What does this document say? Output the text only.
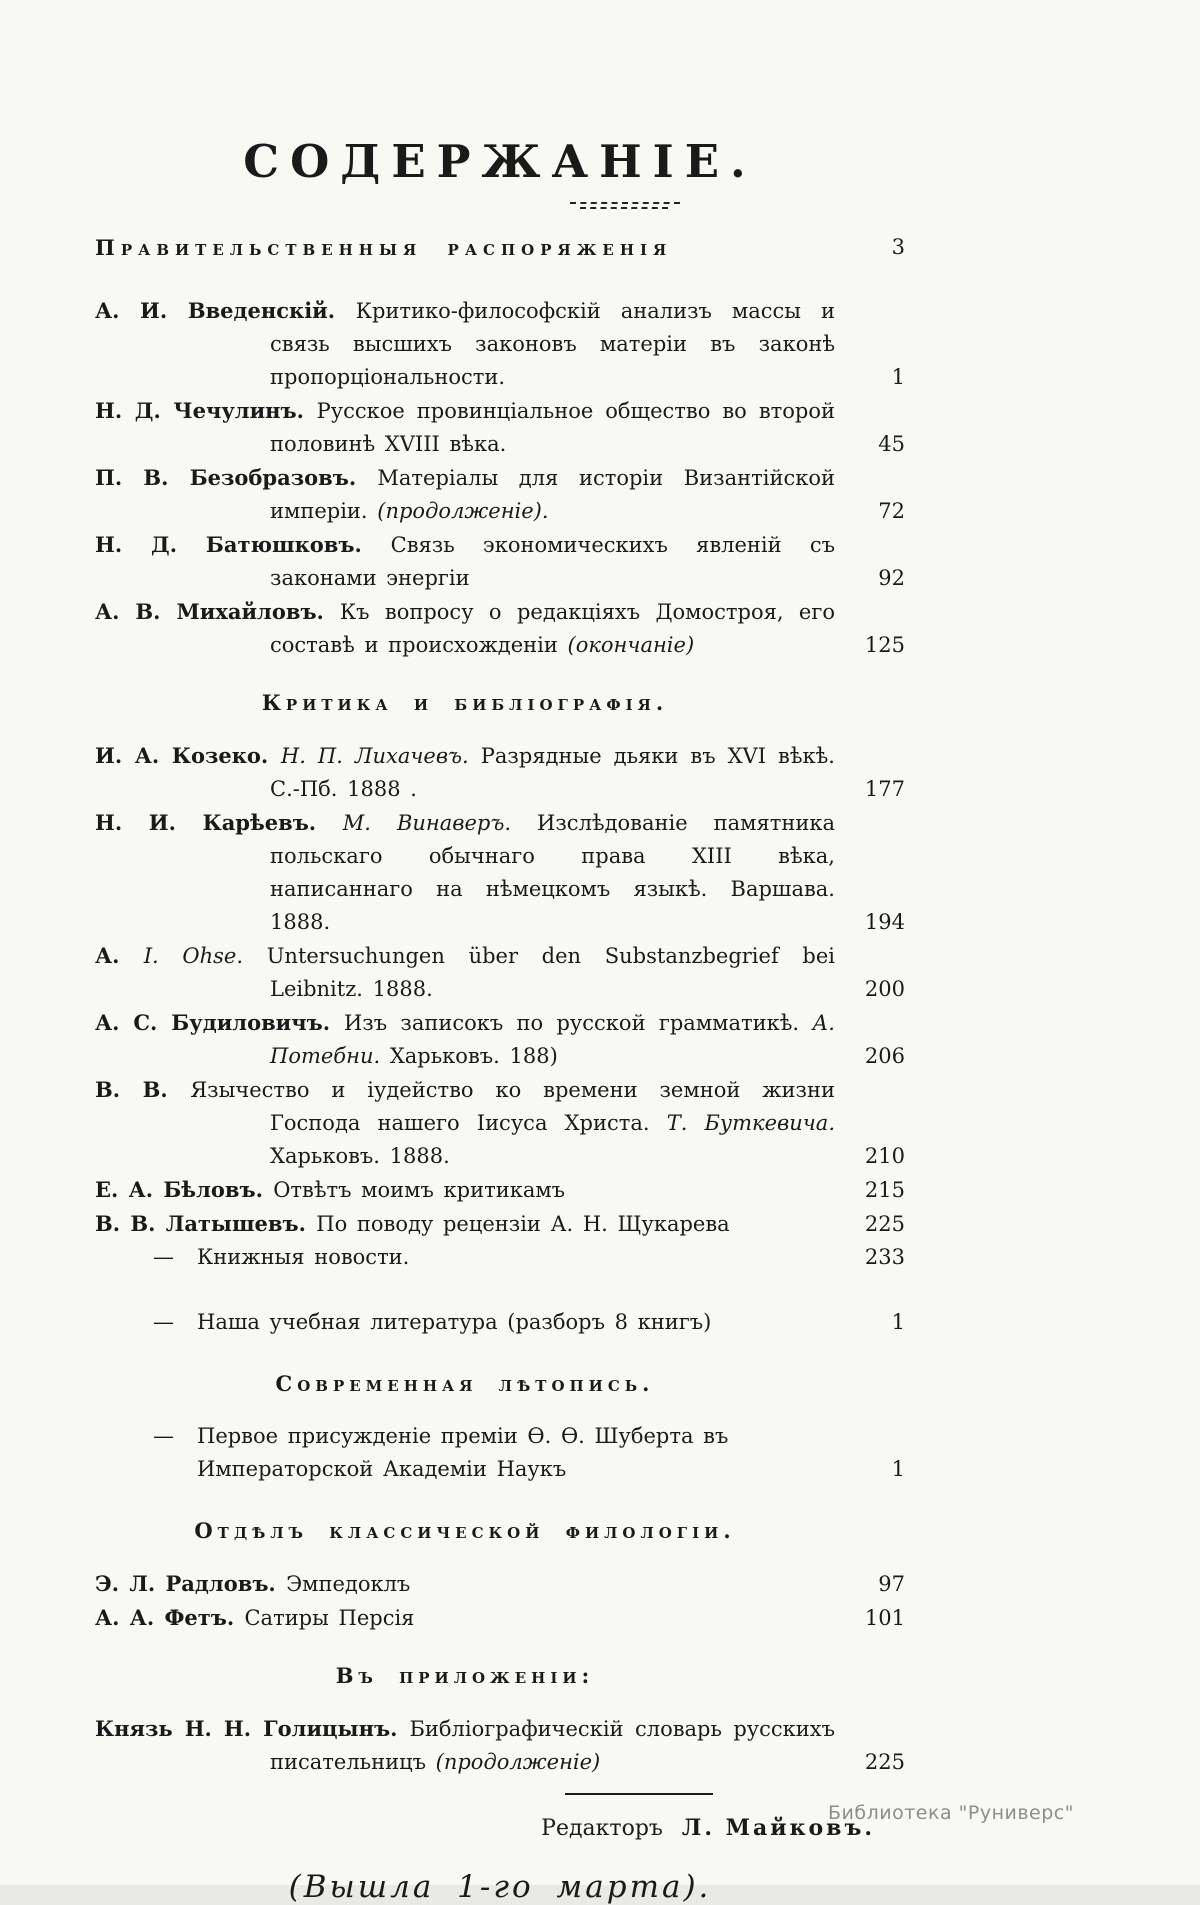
СОДЕРЖАНІЕ.
Правительственныя распоряженія	3
А. И. Введенскій. Критико-философскій анализъ массы и связь высшихъ законовъ матеріи въ законѣ пропорціональности.	1
Н. Д. Чечулинъ. Русское провинціальное общество во второй половинѣ XVIII вѣка.	45
П. В. Безобразовъ. Матеріалы для исторіи Византійской имперіи. (продолженіе).	72
Н. Д. Батюшковъ. Связь экономическихъ явленій съ законами энергіи	92
А. В. Михайловъ. Къ вопросу о редакціяхъ Домостроя, его составѣ и происхожденіи (окончаніе)	125
Критика и библіографія.
И. А. Козеко. Н. П. Лихачевъ. Разрядные дьяки въ XVI вѣкѣ. С.-Пб. 1888 .	177
Н. И. Карѣевъ. М. Винаверъ. Изслѣдованіе памятника польскаго обычнаго права XIII вѣка, написаннаго на нѣмецкомъ языкѣ. Варшава. 1888.	194
А. I. Ohse. Untersuchungen über den Substanzbegrief bei Leibnitz. 1888.	200
А. С. Будиловичъ. Изъ записокъ по русской грамматикѣ. А. Потебни. Харьковъ. 188)	206
В. В. Язычество и іудейство ко времени земной жизни Господа нашего Іисуса Христа. Т. Буткевича. Харьковъ. 1888.	210
Е. А. Бѣловъ. Отвѣтъ моимъ критикамъ	215
В. В. Латышевъ. По поводу рецензіи А. Н. Щукарева	225
— Книжныя новости.	233
— Наша учебная литература (разборъ 8 книгъ)	1
Современная лѣтопись.
— Первое присужденіе преміи Ѳ. Ѳ. Шуберта въ Императорской Академіи Наукъ	1
Отдѣлъ классической филологіи.
Э. Л. Радловъ. Эмпедоклъ	97
А. А. Фетъ. Сатиры Персія	101
Въ приложеніи:
Князь Н. Н. Голицынъ. Библіографическій словарь русскихъ писательницъ (продолженіе)	225
Редакторъ Л. Майковъ.
(Вышла 1-го марта).
Библиотека "Руниверс"
